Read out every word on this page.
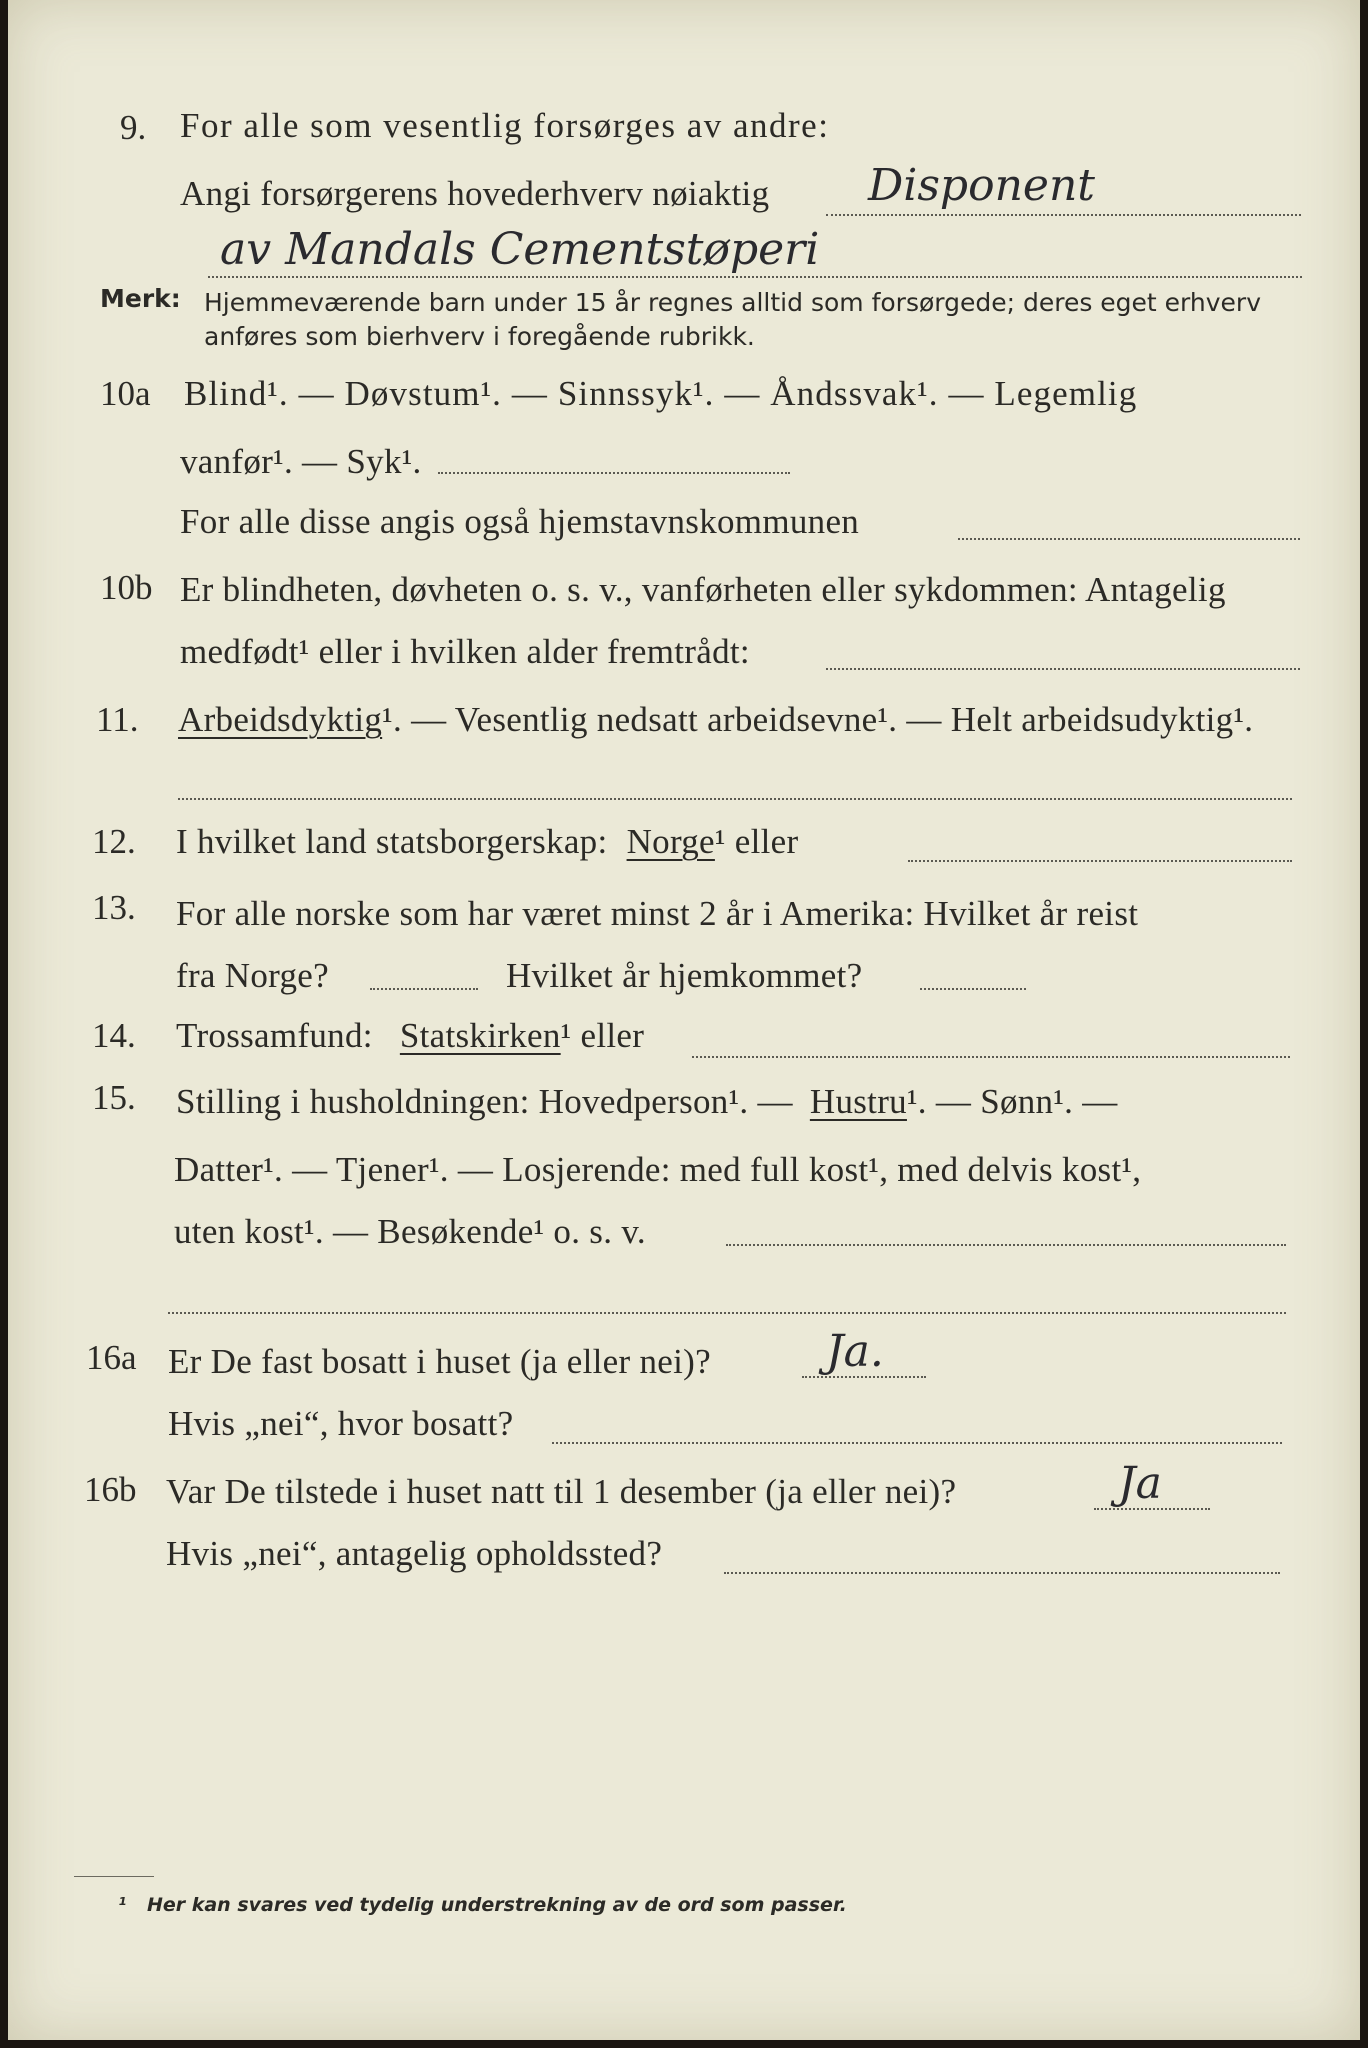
9. For alle som vesentlig forsørges av andre:
Angi forsørgerens hovederhverv nøiaktig Disponent
av Mandals Cementstøperi
Merk: Hjemmeværende barn under 15 år regnes alltid som forsørgede; deres eget erhverv
anføres som bierhverv i foregående rubrikk.
10a Blind¹. — Døvstum¹. — Sinnssyk¹. — Åndssvak¹. — Legemlig
vanfør¹. — Syk¹.
For alle disse angis også hjemstavnskommunen
10b Er blindheten, døvheten o. s. v., vanførheten eller sykdommen: Antagelig
medfødt¹ eller i hvilken alder fremtrådt:
11. Arbeidsdyktig¹. — Vesentlig nedsatt arbeidsevne¹. — Helt arbeidsudyktig¹.
12. I hvilket land statsborgerskap: Norge¹ eller
13. For alle norske som har været minst 2 år i Amerika: Hvilket år reist
fra Norge?	Hvilket år hjemkommet?
14. Trossamfund: Statskirken¹ eller
15. Stilling i husholdningen: Hovedperson¹. — Hustru¹. — Sønn¹. —
Datter¹. — Tjener¹. — Losjerende: med full kost¹, med delvis kost¹,
uten kost¹. — Besøkende¹ o. s. v.
16a Er De fast bosatt i huset (ja eller nei)?	Ja.
Hvis „nei“, hvor bosatt?
16b Var De tilstede i huset natt til 1 desember (ja eller nei)?	Ja
Hvis „nei“, antagelig opholdssted?
¹ Her kan svares ved tydelig understrekning av de ord som passer.
